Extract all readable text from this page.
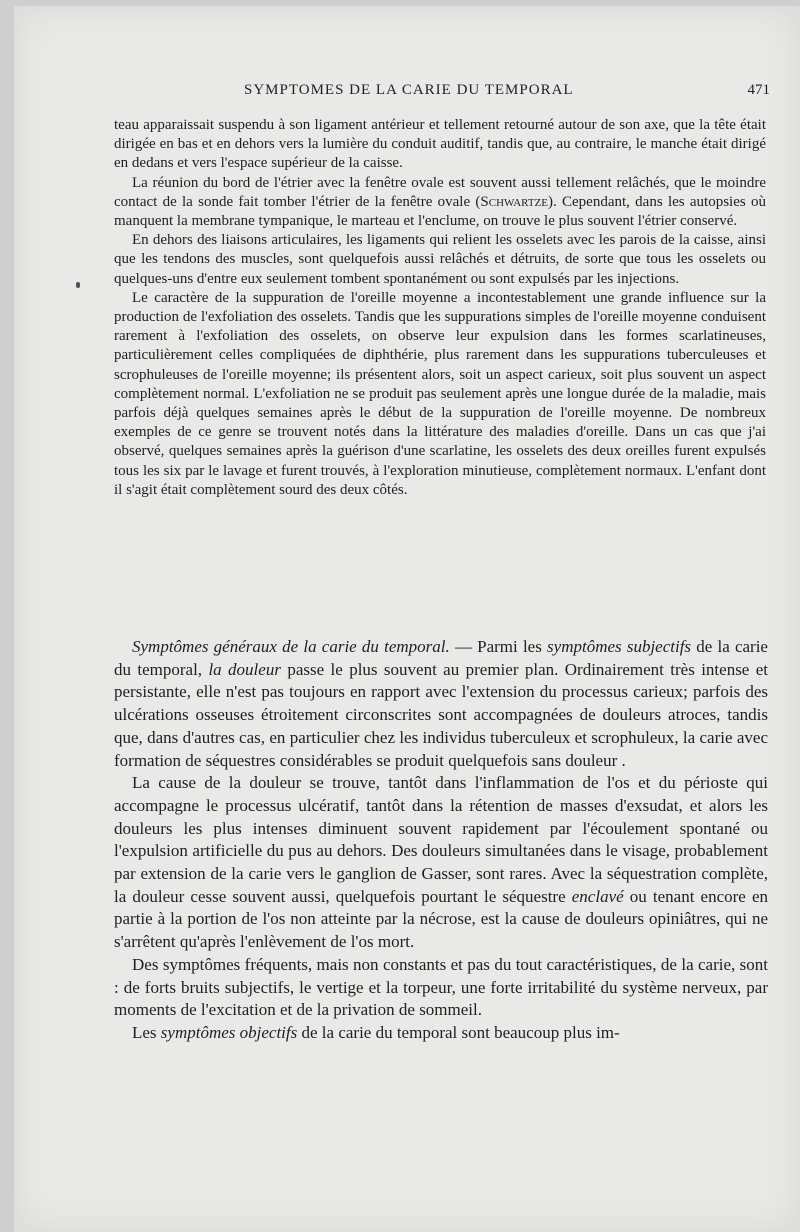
SYMPTOMES DE LA CARIE DU TEMPORAL	471

teau apparaissait suspendu à son ligament antérieur et tellement retourné autour de son axe, que la tête était dirigée en bas et en dehors vers la lumière du conduit auditif, tandis que, au contraire, le manche était dirigé en dedans et vers l'espace supérieur de la caisse.

La réunion du bord de l'étrier avec la fenêtre ovale est souvent aussi tellement relâchés, que le moindre contact de la sonde fait tomber l'étrier de la fenêtre ovale (Schwartze). Cependant, dans les autopsies où manquent la membrane tympanique, le marteau et l'enclume, on trouve le plus souvent l'étrier conservé.

En dehors des liaisons articulaires, les ligaments qui relient les osselets avec les parois de la caisse, ainsi que les tendons des muscles, sont quelquefois aussi relâchés et détruits, de sorte que tous les osselets ou quelques-uns d'entre eux seulement tombent spontanément ou sont expulsés par les injections.

Le caractère de la suppuration de l'oreille moyenne a incontestablement une grande influence sur la production de l'exfoliation des osselets. Tandis que les suppurations simples de l'oreille moyenne conduisent rarement à l'exfoliation des osselets, on observe leur expulsion dans les formes scarlatineuses, particulièrement celles compliquées de diphthérie, plus rarement dans les suppurations tuberculeuses et scrophuleuses de l'oreille moyenne; ils présentent alors, soit un aspect carieux, soit plus souvent un aspect complètement normal. L'exfoliation ne se produit pas seulement après une longue durée de la maladie, mais parfois déjà quelques semaines après le début de la suppuration de l'oreille moyenne. De nombreux exemples de ce genre se trouvent notés dans la littérature des maladies d'oreille. Dans un cas que j'ai observé, quelques semaines après la guérison d'une scarlatine, les osselets des deux oreilles furent expulsés tous les six par le lavage et furent trouvés, à l'exploration minutieuse, complètement normaux. L'enfant dont il s'agit était complètement sourd des deux côtés.

Symptômes généraux de la carie du temporal. — Parmi les symptômes subjectifs de la carie du temporal, la douleur passe le plus souvent au premier plan. Ordinairement très intense et persistante, elle n'est pas toujours en rapport avec l'extension du processus carieux; parfois des ulcérations osseuses étroitement circonscrites sont accompagnées de douleurs atroces, tandis que, dans d'autres cas, en particulier chez les individus tuberculeux et scrophuleux, la carie avec formation de séquestres considérables se produit quelquefois sans douleur .

La cause de la douleur se trouve, tantôt dans l'inflammation de l'os et du périoste qui accompagne le processus ulcératif, tantôt dans la rétention de masses d'exsudat, et alors les douleurs les plus intenses diminuent souvent rapidement par l'écoulement spontané ou l'expulsion artificielle du pus au dehors. Des douleurs simultanées dans le visage, probablement par extension de la carie vers le ganglion de Gasser, sont rares. Avec la séquestration complète, la douleur cesse souvent aussi, quelquefois pourtant le séquestre enclavé ou tenant encore en partie à la portion de l'os non atteinte par la nécrose, est la cause de douleurs opiniâtres, qui ne s'arrêtent qu'après l'enlèvement de l'os mort.

Des symptômes fréquents, mais non constants et pas du tout caractéristiques, de la carie, sont : de forts bruits subjectifs, le vertige et la torpeur, une forte irritabilité du système nerveux, par moments de l'excitation et de la privation de sommeil.

Les symptômes objectifs de la carie du temporal sont beaucoup plus im-
